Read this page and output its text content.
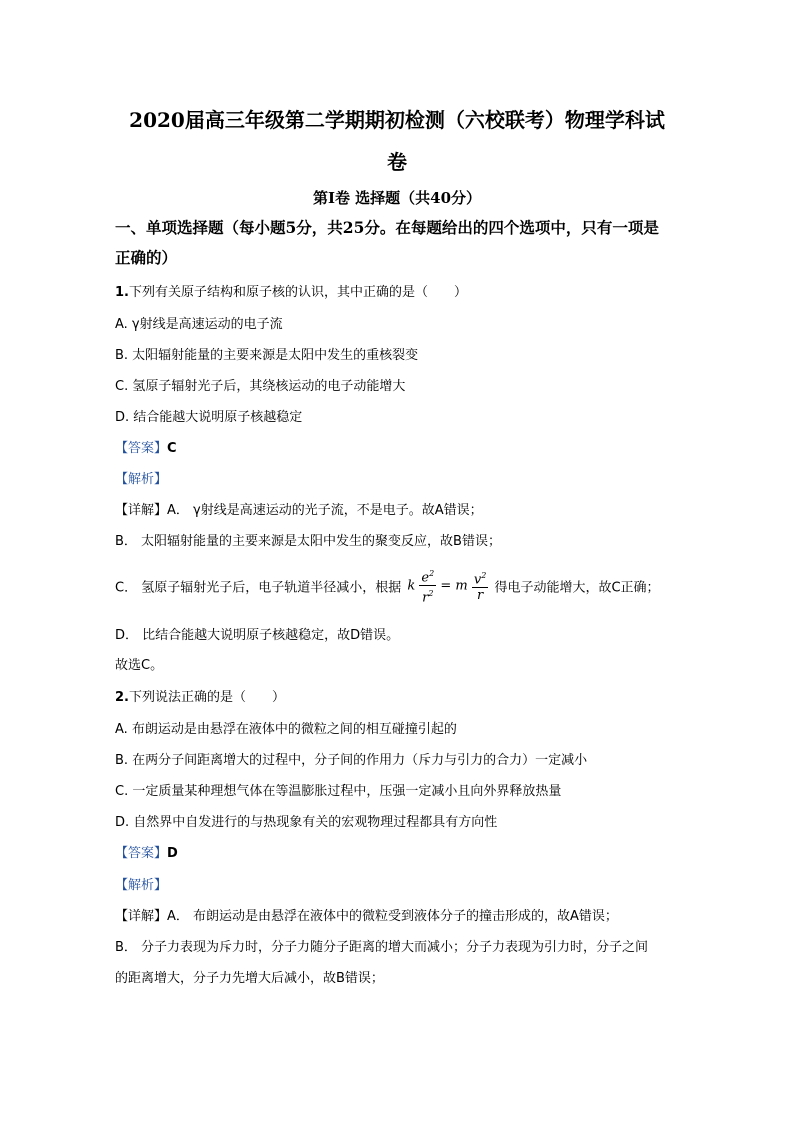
2020届高三年级第二学期期初检测（六校联考）物理学科试
卷
第Ⅰ卷 选择题（共40分）
一、单项选择题（每小题5分，共25分。在每题给出的四个选项中，只有一项是
正确的）
1.下列有关原子结构和原子核的认识，其中正确的是（　　）
A. γ射线是高速运动的电子流
B. 太阳辐射能量的主要来源是太阳中发生的重核裂变
C. 氢原子辐射光子后，其绕核运动的电子动能增大
D. 结合能越大说明原子核越稳定
【答案】C
【解析】
【详解】A． γ射线是高速运动的光子流，不是电子。故A错误；
B． 太阳辐射能量的主要来源是太阳中发生的聚变反应，故B错误；
C． 氢原子辐射光子后，电子轨道半径减小，根据 k $\frac{e^2}{r^2} = m \frac{v^2}{r}$ 得电子动能增大，故C正确；
D． 比结合能越大说明原子核越稳定，故D错误。
故选C。
2.下列说法正确的是（　　）
A. 布朗运动是由悬浮在液体中的微粒之间的相互碰撞引起的
B. 在两分子间距离增大的过程中，分子间的作用力（斥力与引力的合力）一定减小
C. 一定质量某种理想气体在等温膨胀过程中，压强一定减小且向外界释放热量
D. 自然界中自发进行的与热现象有关的宏观物理过程都具有方向性
【答案】D
【解析】
【详解】A． 布朗运动是由悬浮在液体中的微粒受到液体分子的撞击形成的，故A错误；
B． 分子力表现为斥力时，分子力随分子距离的增大而减小；分子力表现为引力时，分子之间
的距离增大，分子力先增大后减小，故B错误；
